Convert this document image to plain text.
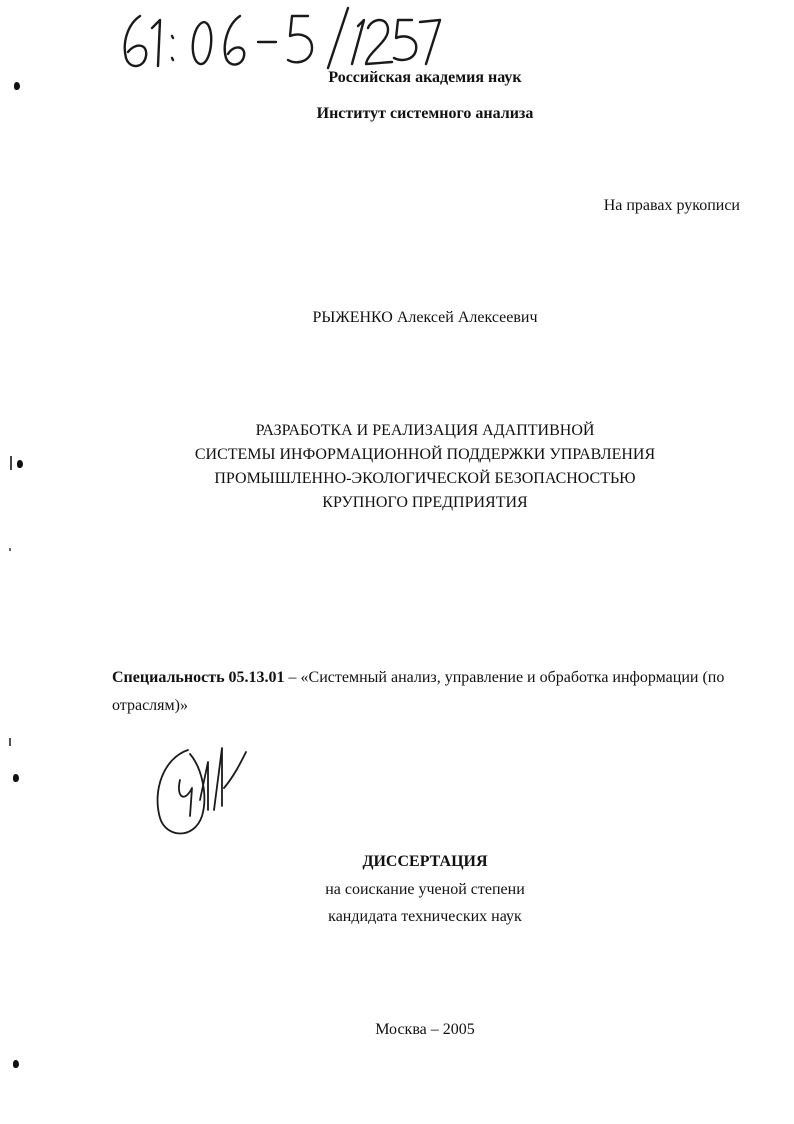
Российская академия наук
Институт системного анализа
На правах рукописи
РЫЖЕНКО Алексей Алексеевич
РАЗРАБОТКА И РЕАЛИЗАЦИЯ АДАПТИВНОЙ
СИСТЕМЫ ИНФОРМАЦИОННОЙ ПОДДЕРЖКИ УПРАВЛЕНИЯ
ПРОМЫШЛЕННО-ЭКОЛОГИЧЕСКОЙ БЕЗОПАСНОСТЬЮ
КРУПНОГО ПРЕДПРИЯТИЯ
Специальность 05.13.01 – «Системный анализ, управление и обработка информации (по отраслям)»
ДИССЕРТАЦИЯ
на соискание ученой степени
кандидата технических наук
Москва – 2005
